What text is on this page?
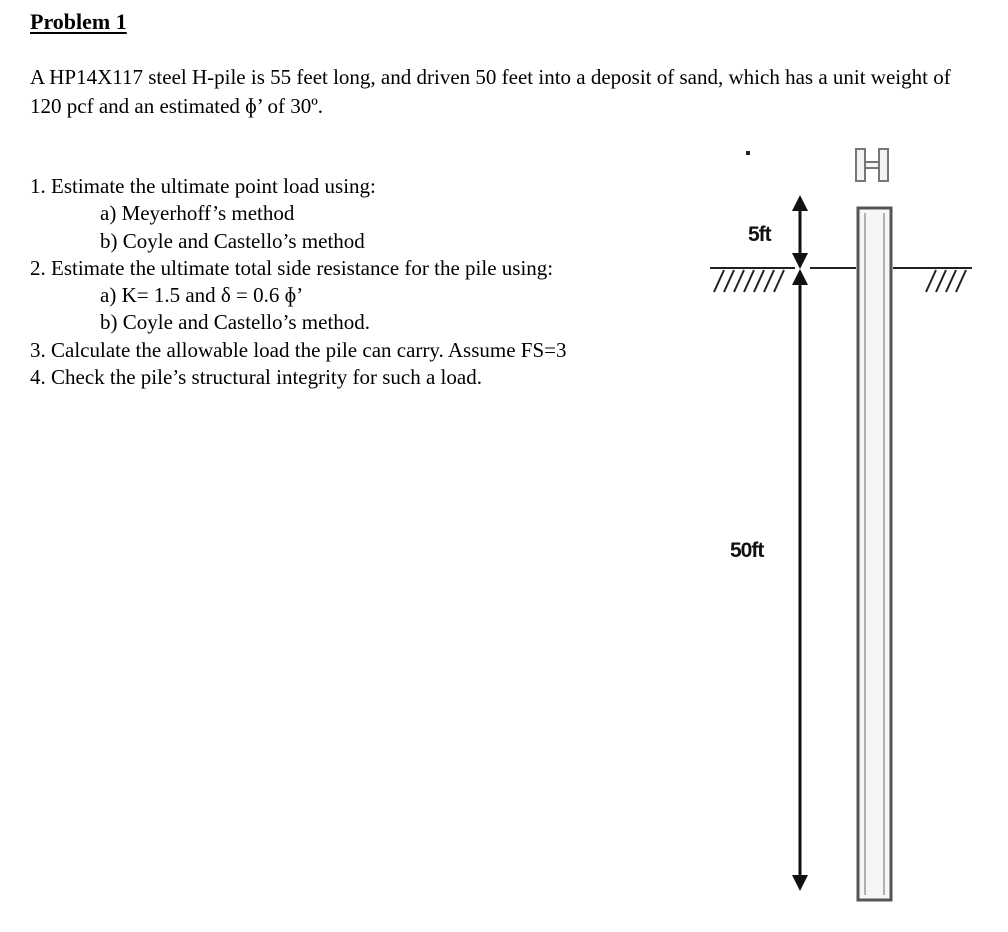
Problem 1

A HP14X117 steel H-pile is 55 feet long, and driven 50 feet into a deposit of sand, which has a unit weight of 120 pcf and an estimated ɸ’ of 30º.

1. Estimate the ultimate point load using:
a) Meyerhoff’s method
b) Coyle and Castello’s method
2. Estimate the ultimate total side resistance for the pile using:
a) K= 1.5 and δ = 0.6 ɸ’
b) Coyle and Castello’s method.
3. Calculate the allowable load the pile can carry. Assume FS=3
4. Check the pile’s structural integrity for such a load.
5ft
50ft
